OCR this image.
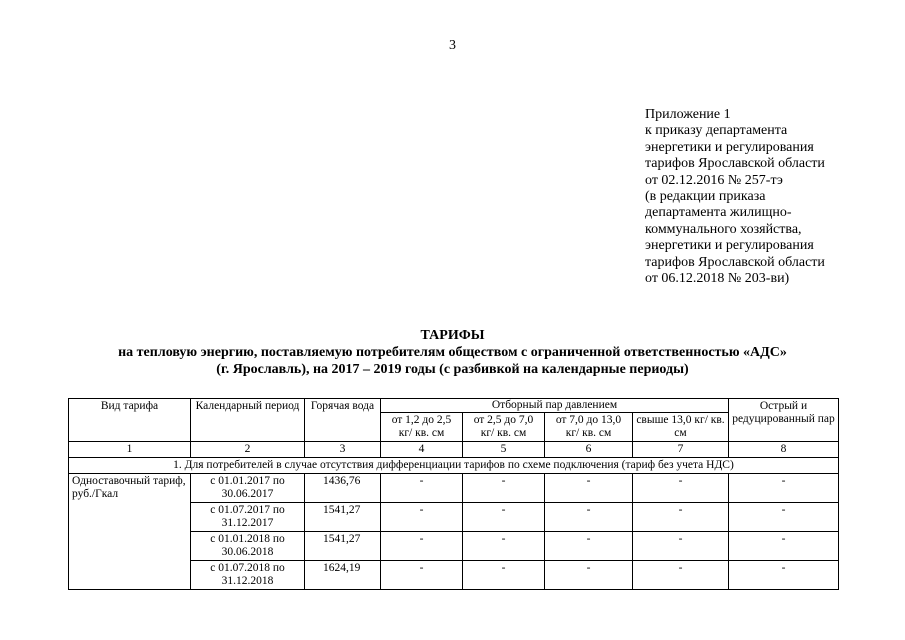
3
Приложение 1
к приказу департамента
энергетики и регулирования
тарифов Ярославской области
от 02.12.2016 № 257-тэ
(в редакции приказа
департамента жилищно-
коммунального хозяйства,
энергетики и регулирования
тарифов Ярославской области
от 06.12.2018 № 203-ви)
ТАРИФЫ
на тепловую энергию, поставляемую потребителям обществом с ограниченной ответственностью «АДС»
(г. Ярославль), на 2017 – 2019 годы (с разбивкой на календарные периоды)
Вид тарифа	Календарный период	Горячая вода	Отборный пар давлением				Острый и редуцированный пар
			от 1,2 до 2,5 кг/ кв. см	от 2,5 до 7,0 кг/ кв. см	от 7,0 до 13,0 кг/ кв. см	свыше 13,0 кг/ кв. см	
1	2	3	4	5	6	7	8
1. Для потребителей в случае отсутствия дифференциации тарифов по схеме подключения (тариф без учета НДС)							
Одноставочный тариф, руб./Гкал	с 01.01.2017 по 30.06.2017	1436,76	-	-	-	-	-
	с 01.07.2017 по 31.12.2017	1541,27	-	-	-	-	-
	с 01.01.2018 по 30.06.2018	1541,27	-	-	-	-	-
	с 01.07.2018 по 31.12.2018	1624,19	-	-	-	-	-
